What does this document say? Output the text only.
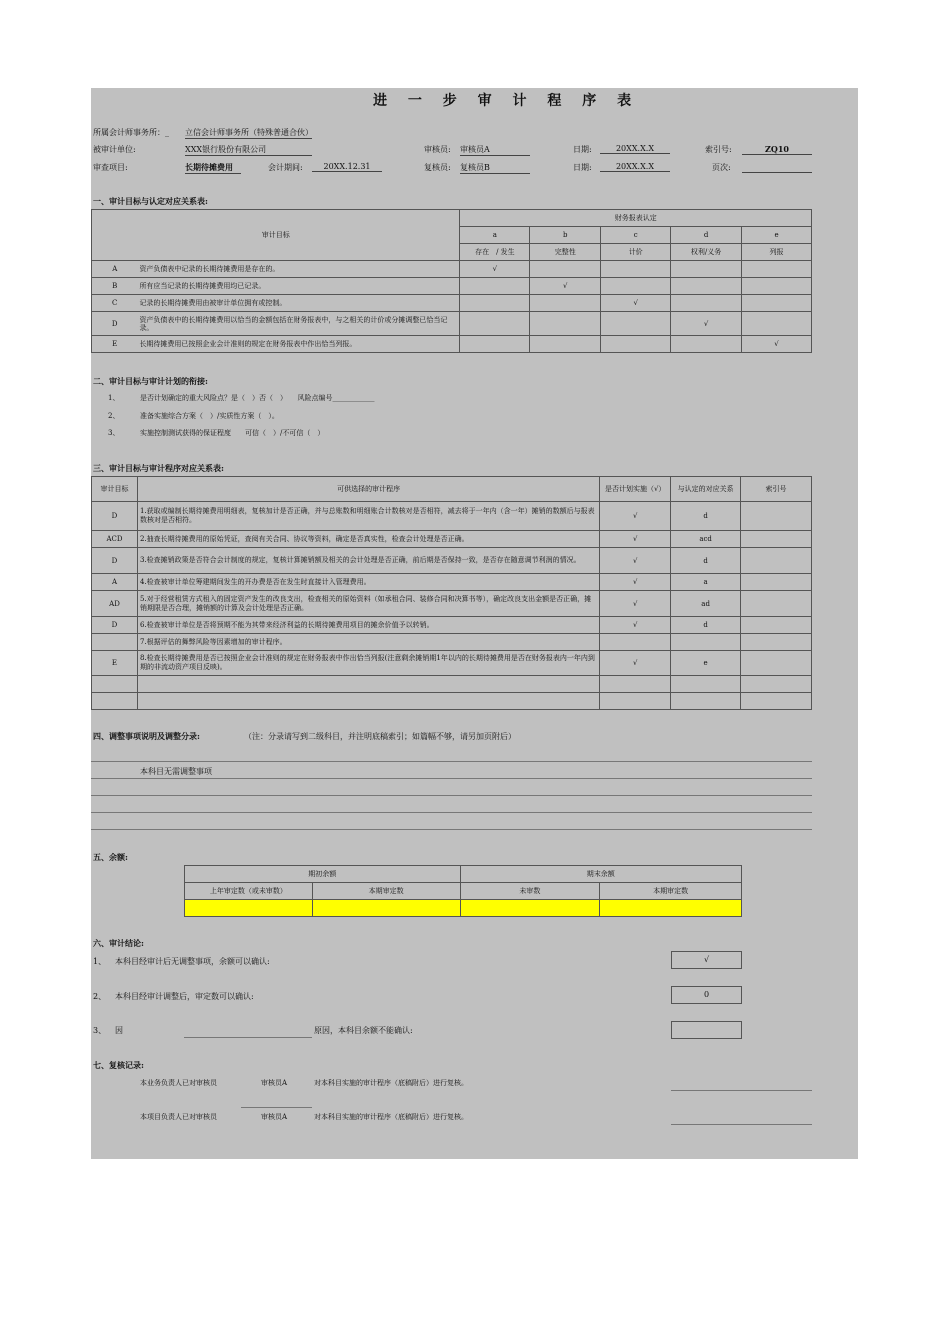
进 一 步 审 计 程 序 表
所属会计师事务所：_ 立信会计师事务所（特殊普通合伙）
被审计单位:	XXX银行股份有限公司
审查项目:	长期待摊费用	会计期间:	20XX.12.31
审核员: 审核员A
复核员: 复核员B
日期:	20XX.X.X
日期:	20XX.X.X
索引号:	ZQ10
页次:
一、审计目标与认定对应关系表:
审计目标		财务报表认定				
		a	b	c	d	e
		存在　/ 发生	完整性	计价	权利/义务	列报
A	资产负债表中记录的长期待摊费用是存在的。	√				
B	所有应当记录的长期待摊费用均已记录。		√			
C	记录的长期待摊费用由被审计单位拥有或控制。			√		
D	资产负债表中的长期待摊费用以恰当的金额包括在财务报表中，与之相关的计价或分摊调整已恰当记录。				√	
E	长期待摊费用已按照企业会计准则的规定在财务报表中作出恰当列报。					√
二、审计目标与审计计划的衔接:
1、	是否计划确定的重大风险点？是（　）否（　）　　风险点编号____________
2、	准备实施综合方案（　）/实质性方案（　）。
3、	实施控制测试获得的保证程度　　可信（　）/不可信（　）
三、审计目标与审计程序对应关系表:
审计目标	可供选择的审计程序	是否计划实施（√）	与认定的对应关系	索引号
D	1.获取或编制长期待摊费用明细表，复核加计是否正确，并与总账数和明细账合计数核对是否相符，减去将于一年内（含一年）摊销的数额后与报表数核对是否相符。	√	d	
ACD	2.抽查长期待摊费用的原始凭证，查阅有关合同、协议等资料，确定是否真实性，检查会计处理是否正确。	√	acd	
D	3.检查摊销政策是否符合会计制度的规定，复核计算摊销额及相关的会计处理是否正确，前后期是否保持一致，是否存在随意调节利润的情况。	√	d	
A	4.检查被审计单位筹建期间发生的开办费是否在发生时直接计入管理费用。	√	a	
AD	5.对于经营租赁方式租入的固定资产发生的改良支出，检查相关的原始资料（如承租合同、装修合同和决算书等），确定改良支出金额是否正确，摊销期限是否合理，摊销额的计算及会计处理是否正确。	√	ad	
D	6.检查被审计单位是否将预期不能为其带来经济利益的长期待摊费用项目的摊余价值予以转销。	√	d	
	7.根据评估的舞弊风险等因素增加的审计程序。			
E	8.检查长期待摊费用是否已按照企业会计准则的规定在财务报表中作出恰当列报(注意剩余摊销期1年以内的长期待摊费用是否在财务报表内一年内到期的非流动资产项目反映)。	√	e	

四、调整事项说明及调整分录:	（注：分录请写到二级科目，并注明底稿索引；如篇幅不够，请另加页附后）
本科目无需调整事项
五、余额:
期初余额		期末余额	
上年审定数（或未审数）	本期审定数	未审数	本期审定数

六、审计结论:
1、 本科目经审计后无调整事项，余额可以确认:	√
2、 本科目经审计调整后，审定数可以确认:	0
3、 因	原因，本科目余额不能确认:
七、复核记录:
本业务负责人已对审核员	审核员A	对本科目实施的审计程序（底稿附后）进行复核。
本项目负责人已对审核员	审核员A	对本科目实施的审计程序（底稿附后）进行复核。
